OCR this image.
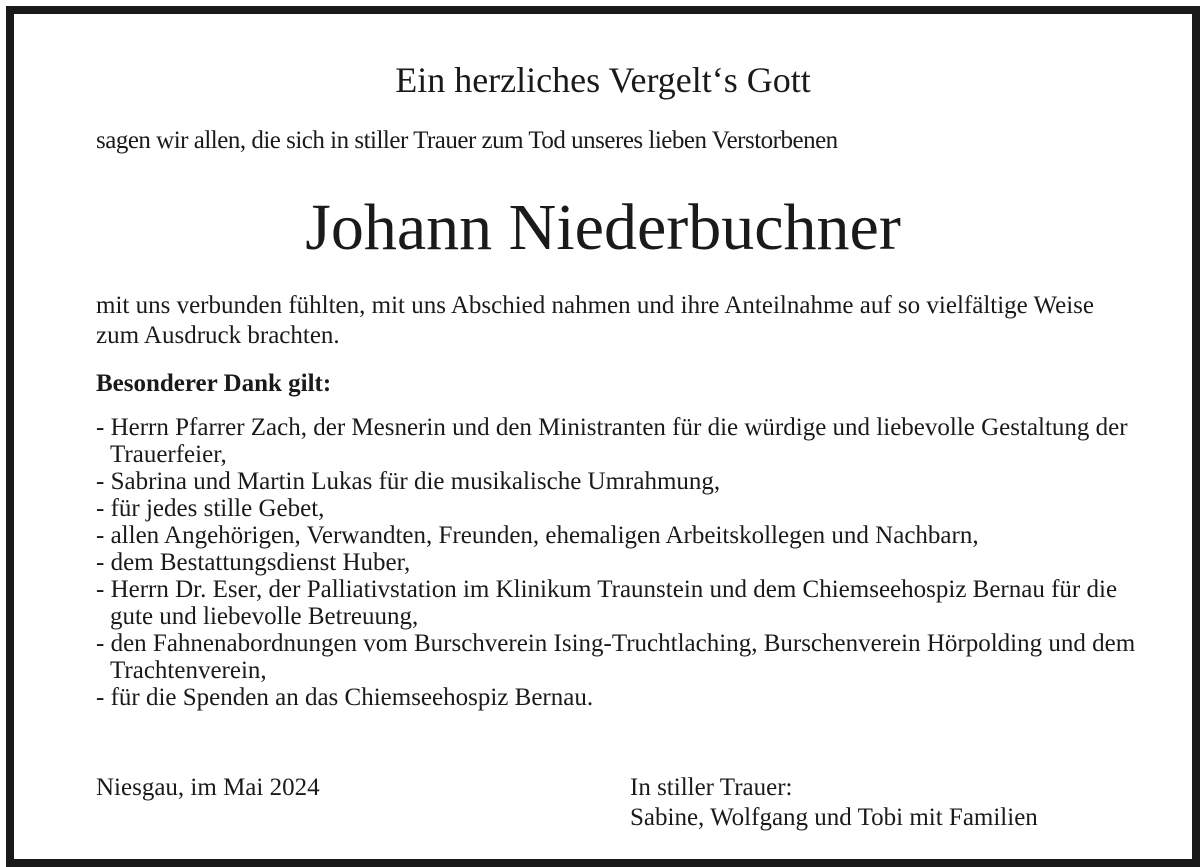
Ein herzliches Vergelt‘s Gott
sagen wir allen, die sich in stiller Trauer zum Tod unseres lieben Verstorbenen
Johann Niederbuchner
mit uns verbunden fühlten, mit uns Abschied nahmen und ihre Anteilnahme auf so vielfältige Weise zum Ausdruck brachten.
Besonderer Dank gilt:
- Herrn Pfarrer Zach, der Mesnerin und den Ministranten für die würdige und liebevolle Gestaltung der Trauerfeier,
- Sabrina und Martin Lukas für die musikalische Umrahmung,
- für jedes stille Gebet,
- allen Angehörigen, Verwandten, Freunden, ehemaligen Arbeitskollegen und Nachbarn,
- dem Bestattungsdienst Huber,
- Herrn Dr. Eser, der Palliativstation im Klinikum Traunstein und dem Chiemseehospiz Bernau für die gute und liebevolle Betreuung,
- den Fahnenabordnungen vom Burschverein Ising-Truchtlaching, Burschenverein Hörpolding und dem Trachtenverein,
- für die Spenden an das Chiemseehospiz Bernau.
Niesgau, im Mai 2024	In stiller Trauer:
Sabine, Wolfgang und Tobi mit Familien
